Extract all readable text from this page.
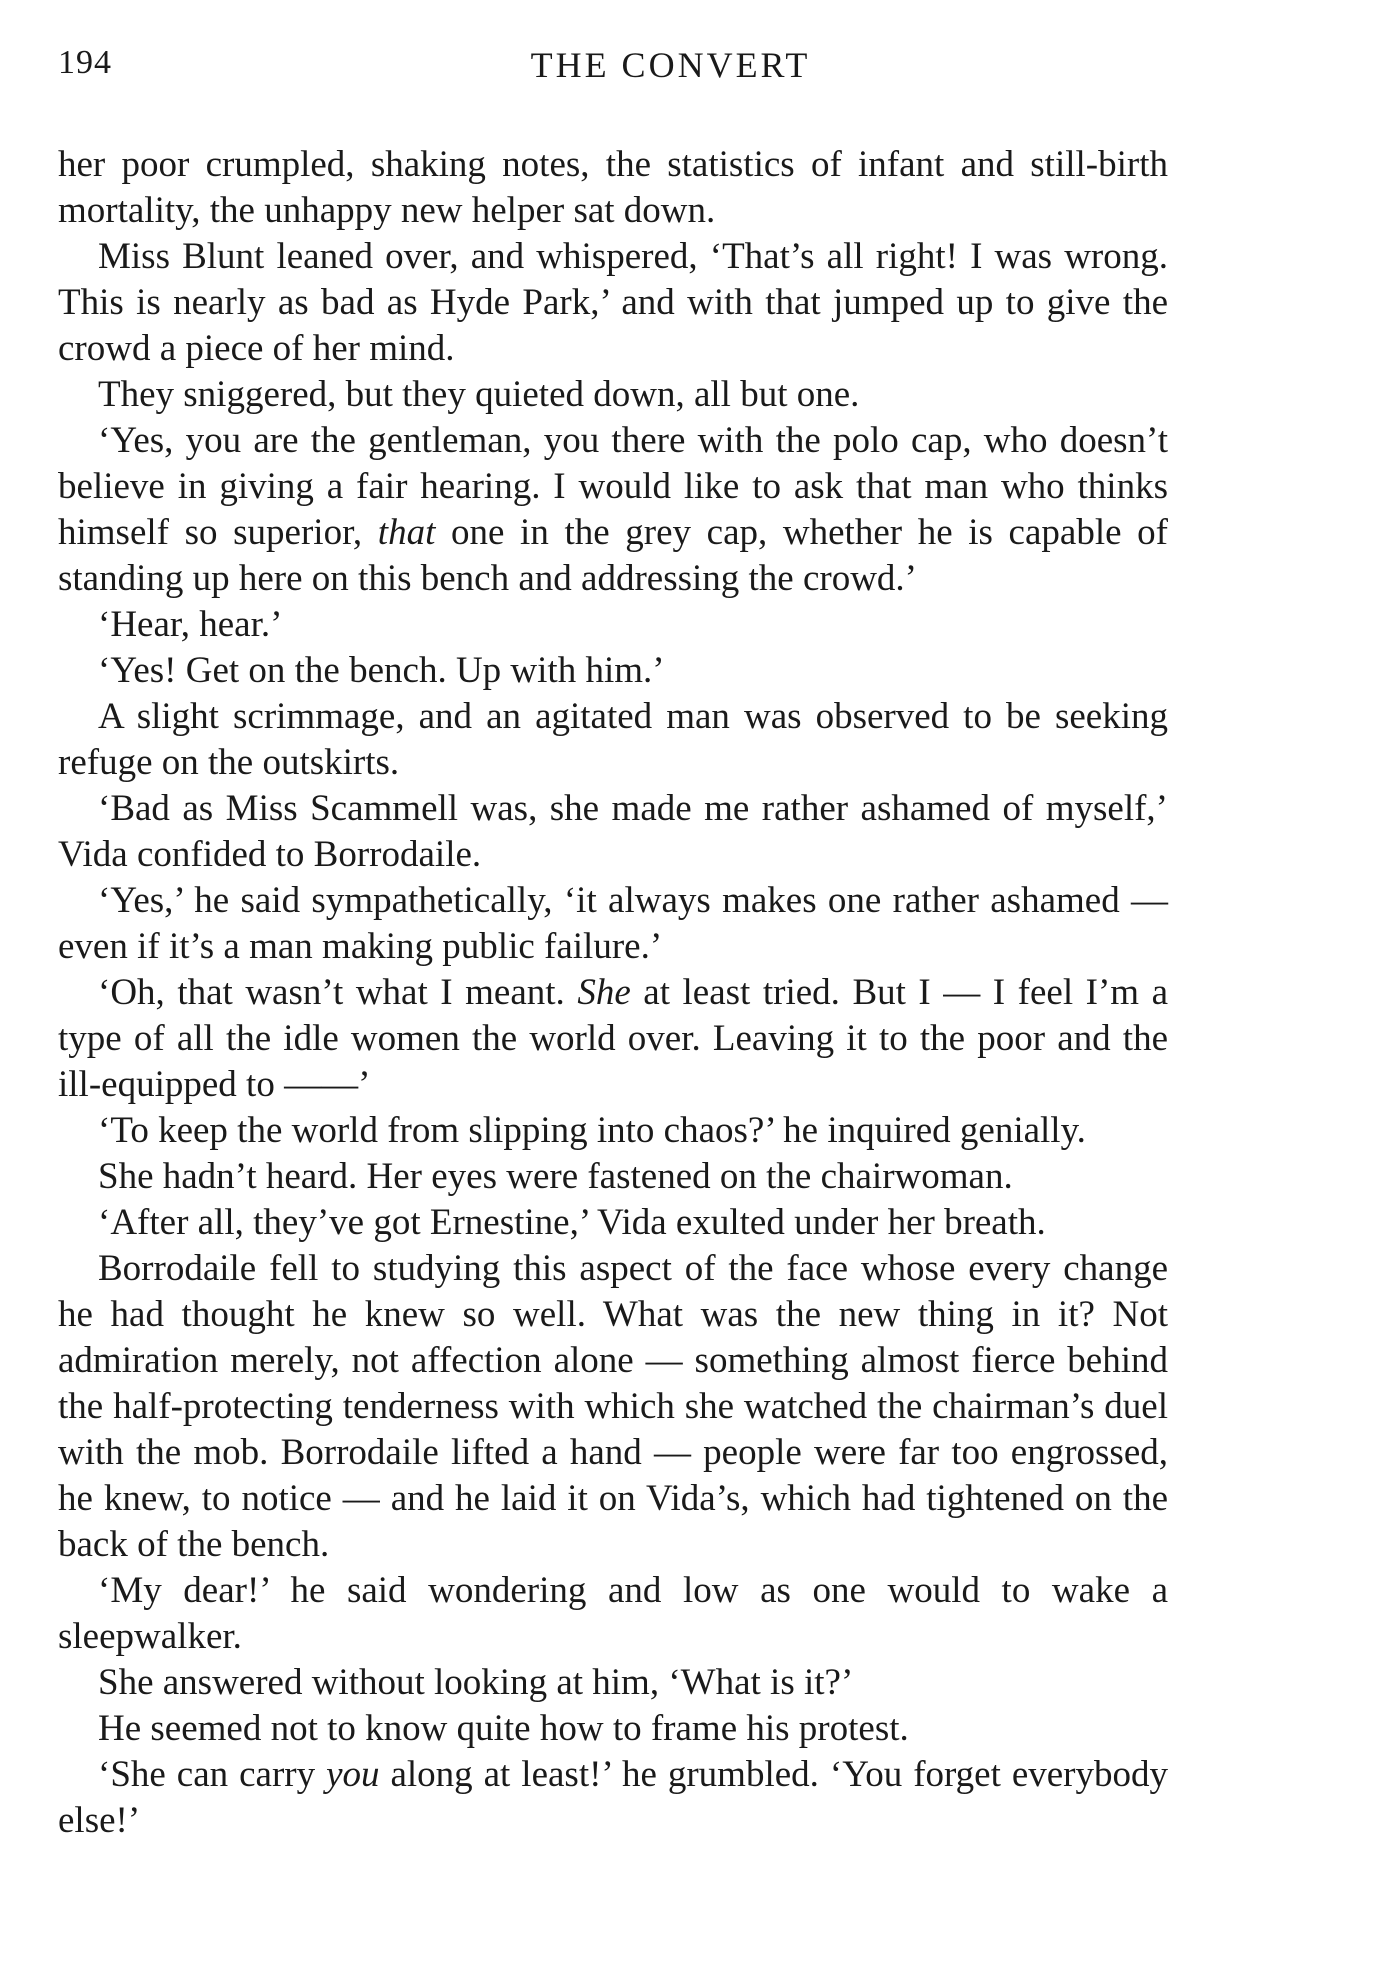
194	THE CONVERT

her poor crumpled, shaking notes, the statistics of infant and still-birth mortality, the unhappy new helper sat down.

Miss Blunt leaned over, and whispered, ‘That’s all right! I was wrong. This is nearly as bad as Hyde Park,’ and with that jumped up to give the crowd a piece of her mind.

They sniggered, but they quieted down, all but one.

‘Yes, you are the gentleman, you there with the polo cap, who doesn’t believe in giving a fair hearing. I would like to ask that man who thinks himself so superior, that one in the grey cap, whether he is capable of standing up here on this bench and addressing the crowd.’

‘Hear, hear.’

‘Yes! Get on the bench. Up with him.’

A slight scrimmage, and an agitated man was observed to be seeking refuge on the outskirts.

‘Bad as Miss Scammell was, she made me rather ashamed of myself,’ Vida confided to Borrodaile.

‘Yes,’ he said sympathetically, ‘it always makes one rather ashamed — even if it’s a man making public failure.’

‘Oh, that wasn’t what I meant. She at least tried. But I — I feel I’m a type of all the idle women the world over. Leaving it to the poor and the ill-equipped to ——’

‘To keep the world from slipping into chaos?’ he inquired genially.

She hadn’t heard. Her eyes were fastened on the chairwoman.

‘After all, they’ve got Ernestine,’ Vida exulted under her breath.

Borrodaile fell to studying this aspect of the face whose every change he had thought he knew so well. What was the new thing in it? Not admiration merely, not affection alone — something almost fierce behind the half-protecting tenderness with which she watched the chairman’s duel with the mob. Borrodaile lifted a hand — people were far too engrossed, he knew, to notice — and he laid it on Vida’s, which had tightened on the back of the bench.

‘My dear!’ he said wondering and low as one would to wake a sleepwalker.

She answered without looking at him, ‘What is it?’

He seemed not to know quite how to frame his protest.

‘She can carry you along at least!’ he grumbled. ‘You forget everybody else!’
